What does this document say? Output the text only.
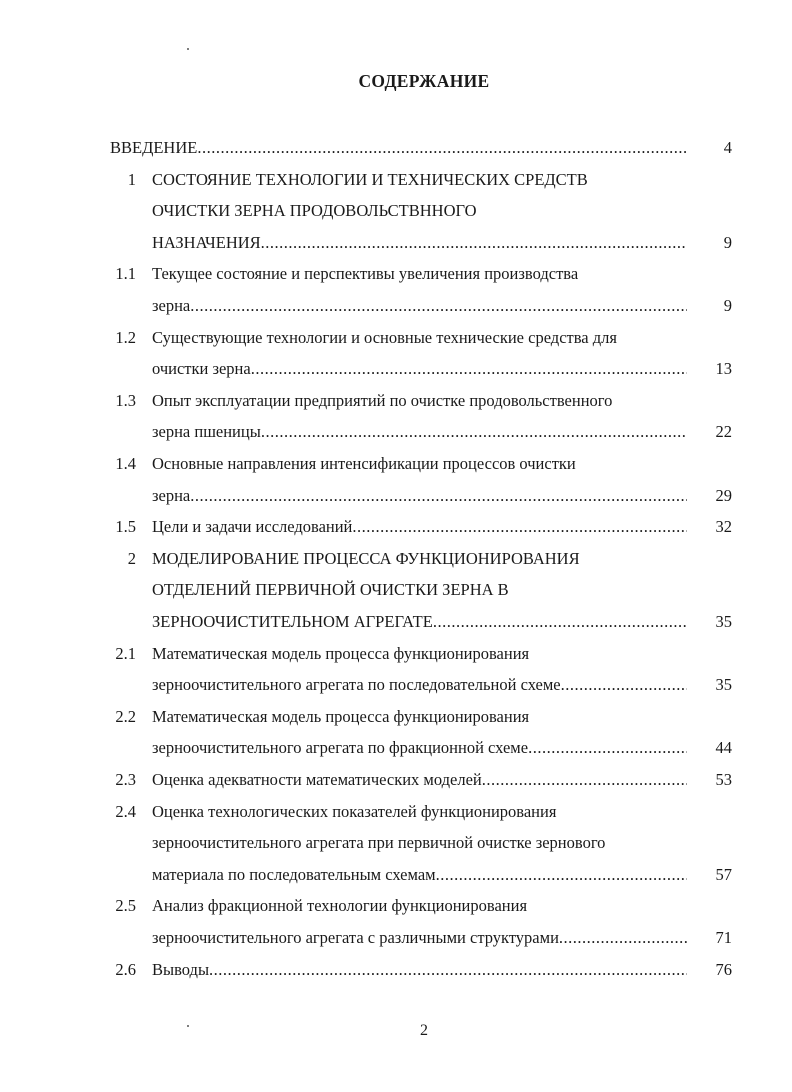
СОДЕРЖАНИЕ
ВВЕДЕНИЕ .....	4
1 СОСТОЯНИЕ ТЕХНОЛОГИИ И ТЕХНИЧЕСКИХ СРЕДСТВ
ОЧИСТКИ ЗЕРНА ПРОДОВОЛЬСТВННОГО
НАЗНАЧЕНИЯ .....	9
1.1 Текущее состояние и перспективы увеличения производства
зерна .....	9
1.2 Существующие технологии и основные технические средства для
очистки зерна .....	13
1.3 Опыт эксплуатации предприятий по очистке продовольственного
зерна пшеницы .....	22
1.4 Основные направления интенсификации процессов очистки
зерна .....	29
1.5 Цели и задачи исследований .....	32
2 МОДЕЛИРОВАНИЕ ПРОЦЕССА ФУНКЦИОНИРОВАНИЯ
ОТДЕЛЕНИЙ ПЕРВИЧНОЙ ОЧИСТКИ ЗЕРНА В
ЗЕРНООЧИСТИТЕЛЬНОМ АГРЕГАТЕ .....	35
2.1 Математическая модель процесса функционирования
зерноочистительного агрегата по последовательной схеме .....	35
2.2 Математическая модель процесса функционирования
зерноочистительного агрегата по фракционной схеме .....	44
2.3 Оценка адекватности математических моделей .....	53
2.4 Оценка технологических показателей функционирования
зерноочистительного агрегата при первичной очистке зернового
материала по последовательным схемам .....	57
2.5 Анализ фракционной технологии функционирования
зерноочистительного агрегата с различными структурами .....	71
2.6 Выводы .....	76
2
